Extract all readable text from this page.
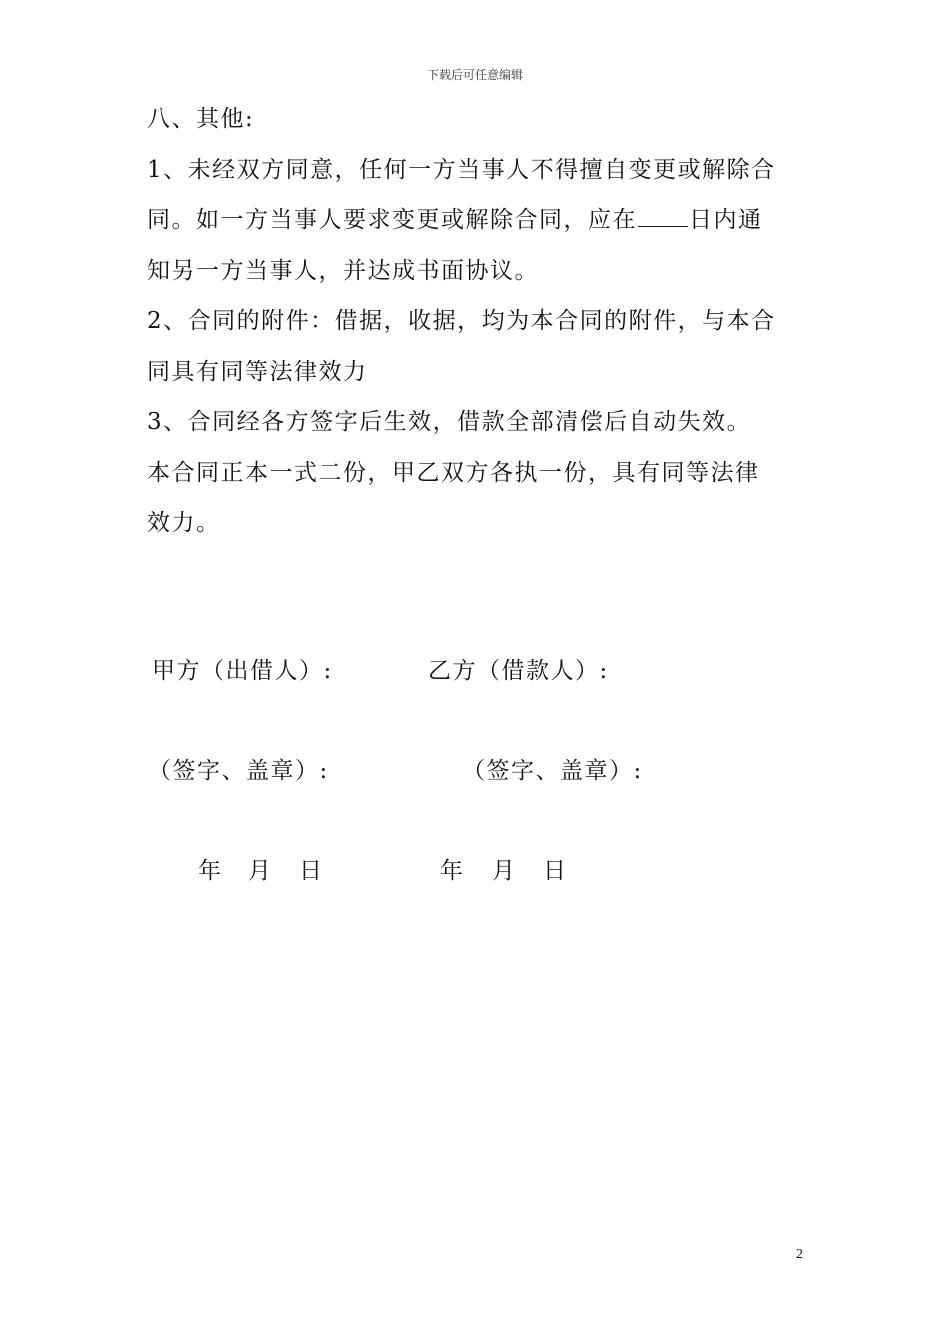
下载后可任意编辑
八、其他:
1、未经双方同意，任何一方当事人不得擅自变更或解除合
同。如一方当事人要求变更或解除合同，应在 日内通
知另一方当事人，并达成书面协议。
2、合同的附件：借据，收据，均为本合同的附件，与本合
同具有同等法律效力
3、合同经各方签字后生效，借款全部清偿后自动失效。
本合同正本一式二份，甲乙双方各执一份，具有同等法律
效力。
甲方（出借人）:	乙方（借款人）:
（签字、盖章）:	（签字、盖章）:
年 月 日	年 月 日
2
